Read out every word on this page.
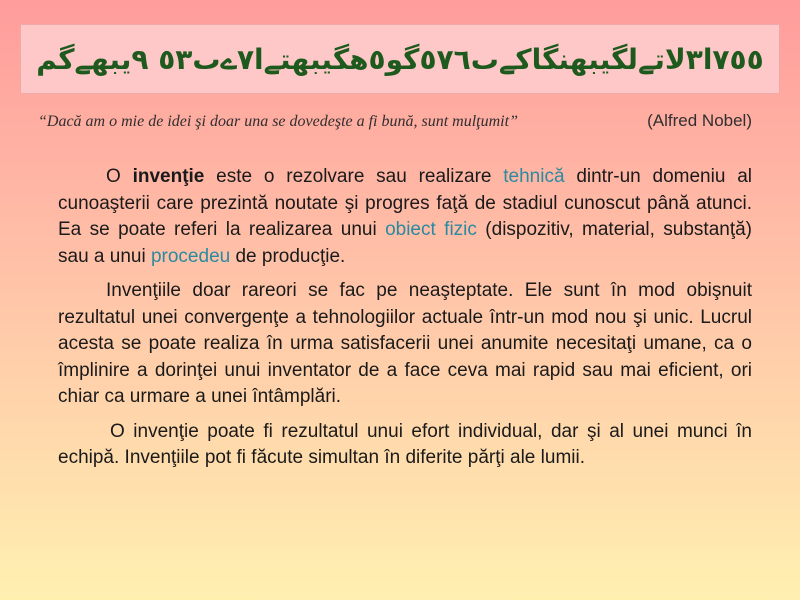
٧٥٥ا٣لاتےلگيبهنگاكےٮ٥٧٦گو٥هگيبهتےا٧ےٮ٥٣ ٩يبهےگم
“Dacă am o mie de idei şi doar una se dovedeşte a fi bună, sunt mulţumit”	(Alfred Nobel)

O invenţie este o rezolvare sau realizare tehnică dintr-un domeniu al cunoaşterii care prezintă noutate şi progres faţă de stadiul cunoscut până atunci. Ea se poate referi la realizarea unui obiect fizic (dispozitiv, material, substanţă) sau a unui procedeu de producţie.

Invenţiile doar rareori se fac pe neaşteptate. Ele sunt în mod obişnuit rezultatul unei convergenţe a tehnologiilor actuale într-un mod nou şi unic. Lucrul acesta se poate realiza în urma satisfacerii unei anumite necesitaţi umane, ca o împlinire a dorinţei unui inventator de a face ceva mai rapid sau mai eficient, ori chiar ca urmare a unei întâmplări.

O invenţie poate fi rezultatul unui efort individual, dar şi al unei munci în echipă. Invenţiile pot fi făcute simultan în diferite părţi ale lumii.
